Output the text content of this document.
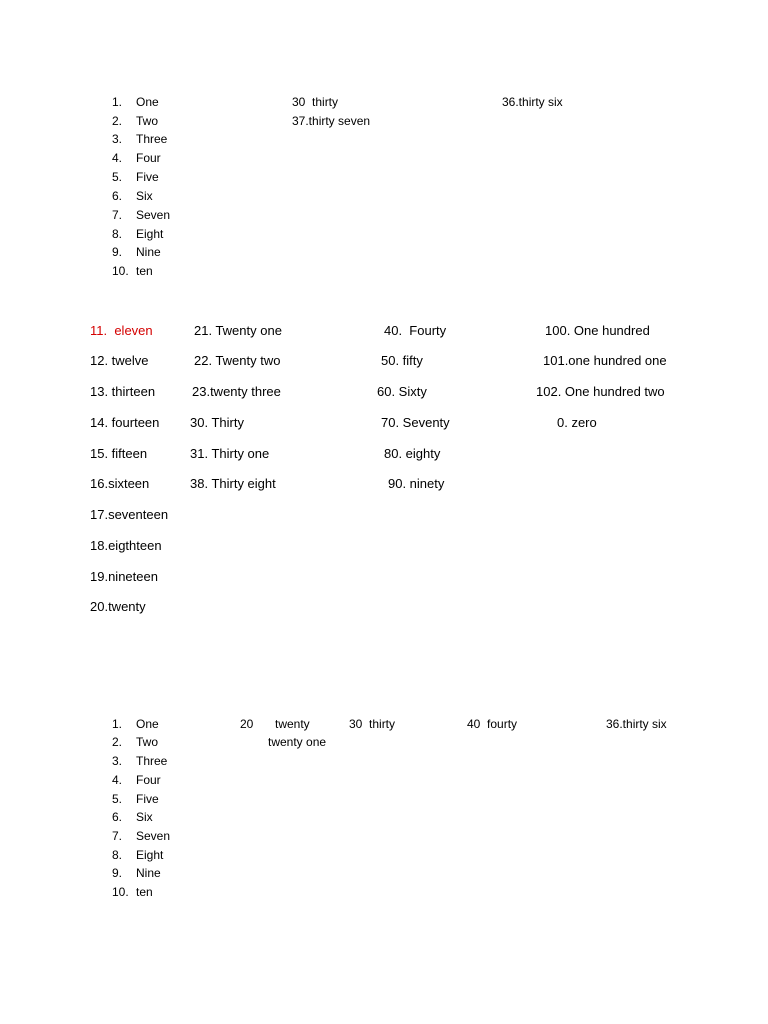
1. One
2. Two
3. Three
4. Four
5. Five
6. Six
7. Seven
8. Eight
9. Nine
10. ten
30  thirty
37.thirty seven
36.thirty six
11.  eleven
12. twelve
13. thirteen
14. fourteen
15. fifteen
16.sixteen
17.seventeen
18.eigthteen
19.nineteen
20.twenty
21. Twenty one
22. Twenty two
23.twenty three
30. Thirty
31. Thirty one
38. Thirty eight
40.  Fourty
50. fifty
60. Sixty
70. Seventy
80. eighty
90. ninety
100. One hundred
101.one hundred one
102. One hundred two
0. zero
1. One
2. Two
3. Three
4. Four
5. Five
6. Six
7. Seven
8. Eight
9. Nine
10. ten
20 twenty
twenty one
30  thirty	40  fourty	36.thirty six
